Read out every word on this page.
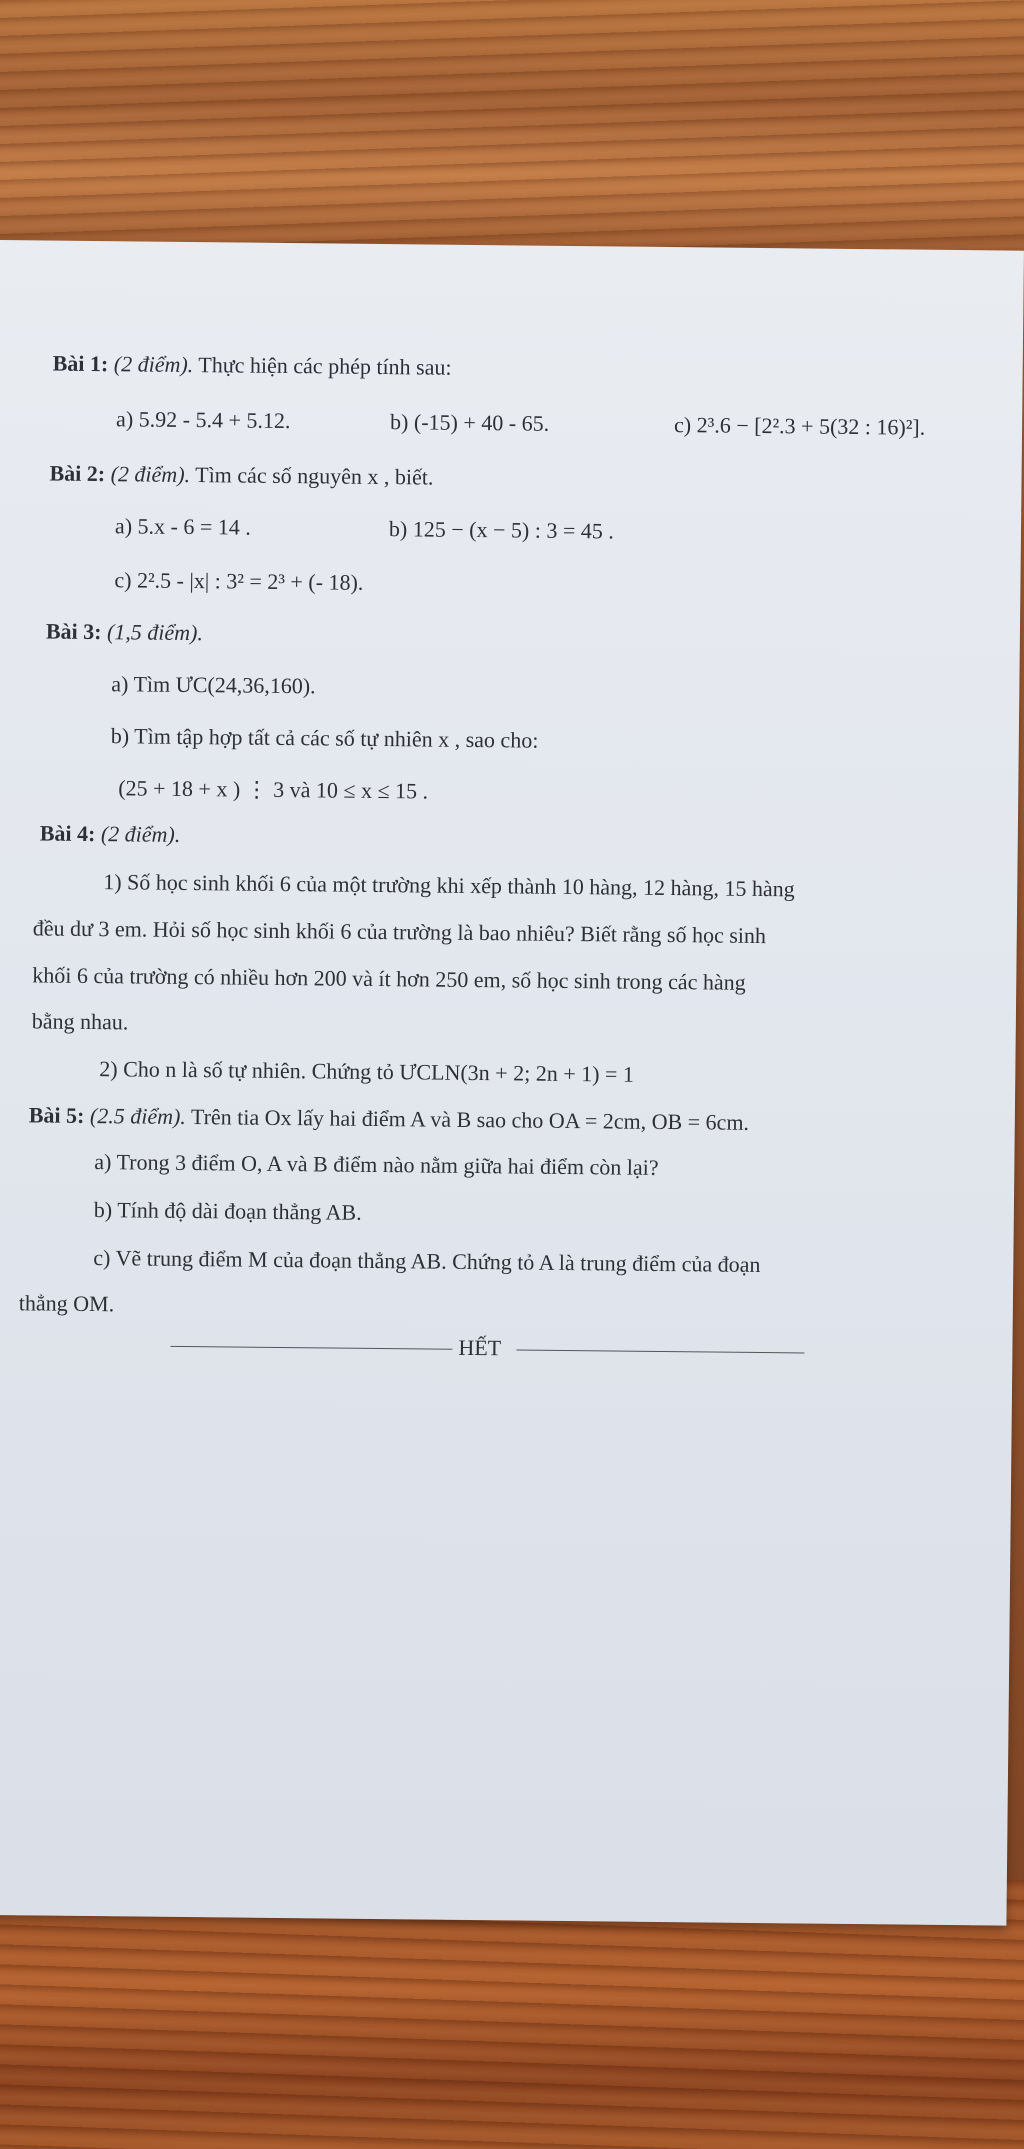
Bài 1: (2 điểm). Thực hiện các phép tính sau:
a) 5.92 - 5.4 + 5.12.	b) (-15) + 40 - 65.	c) 2³.6 − [2².3 + 5(32 : 16)²].
Bài 2: (2 điểm). Tìm các số nguyên x , biết.
a) 5.x - 6 = 14 .	b) 125 − (x − 5) : 3 = 45 .
c) 2².5 - |x| : 3² = 2³ + (- 18).
Bài 3: (1,5 điểm).
a) Tìm ƯC(24,36,160).
b) Tìm tập hợp tất cả các số tự nhiên x , sao cho:
(25 + 18 + x ) ⋮ 3 và 10 ≤ x ≤ 15 .
Bài 4: (2 điểm).
1) Số học sinh khối 6 của một trường khi xếp thành 10 hàng, 12 hàng, 15 hàng
đều dư 3 em. Hỏi số học sinh khối 6 của trường là bao nhiêu? Biết rằng số học sinh
khối 6 của trường có nhiều hơn 200 và ít hơn 250 em, số học sinh trong các hàng
bằng nhau.
2) Cho n là số tự nhiên. Chứng tỏ ƯCLN(3n + 2; 2n + 1) = 1
Bài 5: (2.5 điểm). Trên tia Ox lấy hai điểm A và B sao cho OA = 2cm, OB = 6cm.
a) Trong 3 điểm O, A và B điểm nào nằm giữa hai điểm còn lại?
b) Tính độ dài đoạn thẳng AB.
c) Vẽ trung điểm M của đoạn thẳng AB. Chứng tỏ A là trung điểm của đoạn
thẳng OM.
HẾT
